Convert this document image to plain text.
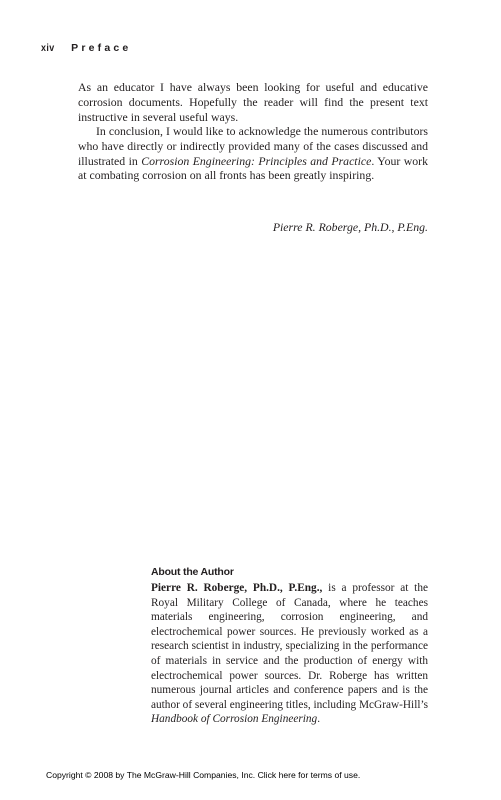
xiv Preface

As an educator I have always been looking for useful and educative corrosion documents. Hopefully the reader will find the present text instructive in several useful ways.

In conclusion, I would like to acknowledge the numerous contributors who have directly or indirectly provided many of the cases discussed and illustrated in Corrosion Engineering: Principles and Practice. Your work at combating corrosion on all fronts has been greatly inspiring.

Pierre R. Roberge, Ph.D., P.Eng.
About the Author

Pierre R. Roberge, Ph.D., P.Eng., is a professor at the Royal Military College of Canada, where he teaches materials engineering, corrosion engineering, and electrochemical power sources. He previously worked as a research scientist in industry, specializing in the performance of materials in service and the production of energy with electrochemical power sources. Dr. Roberge has written numerous journal articles and conference papers and is the author of several engineering titles, including McGraw-Hill’s Handbook of Corrosion Engineering.

Copyright © 2008 by The McGraw-Hill Companies, Inc. Click here for terms of use.
